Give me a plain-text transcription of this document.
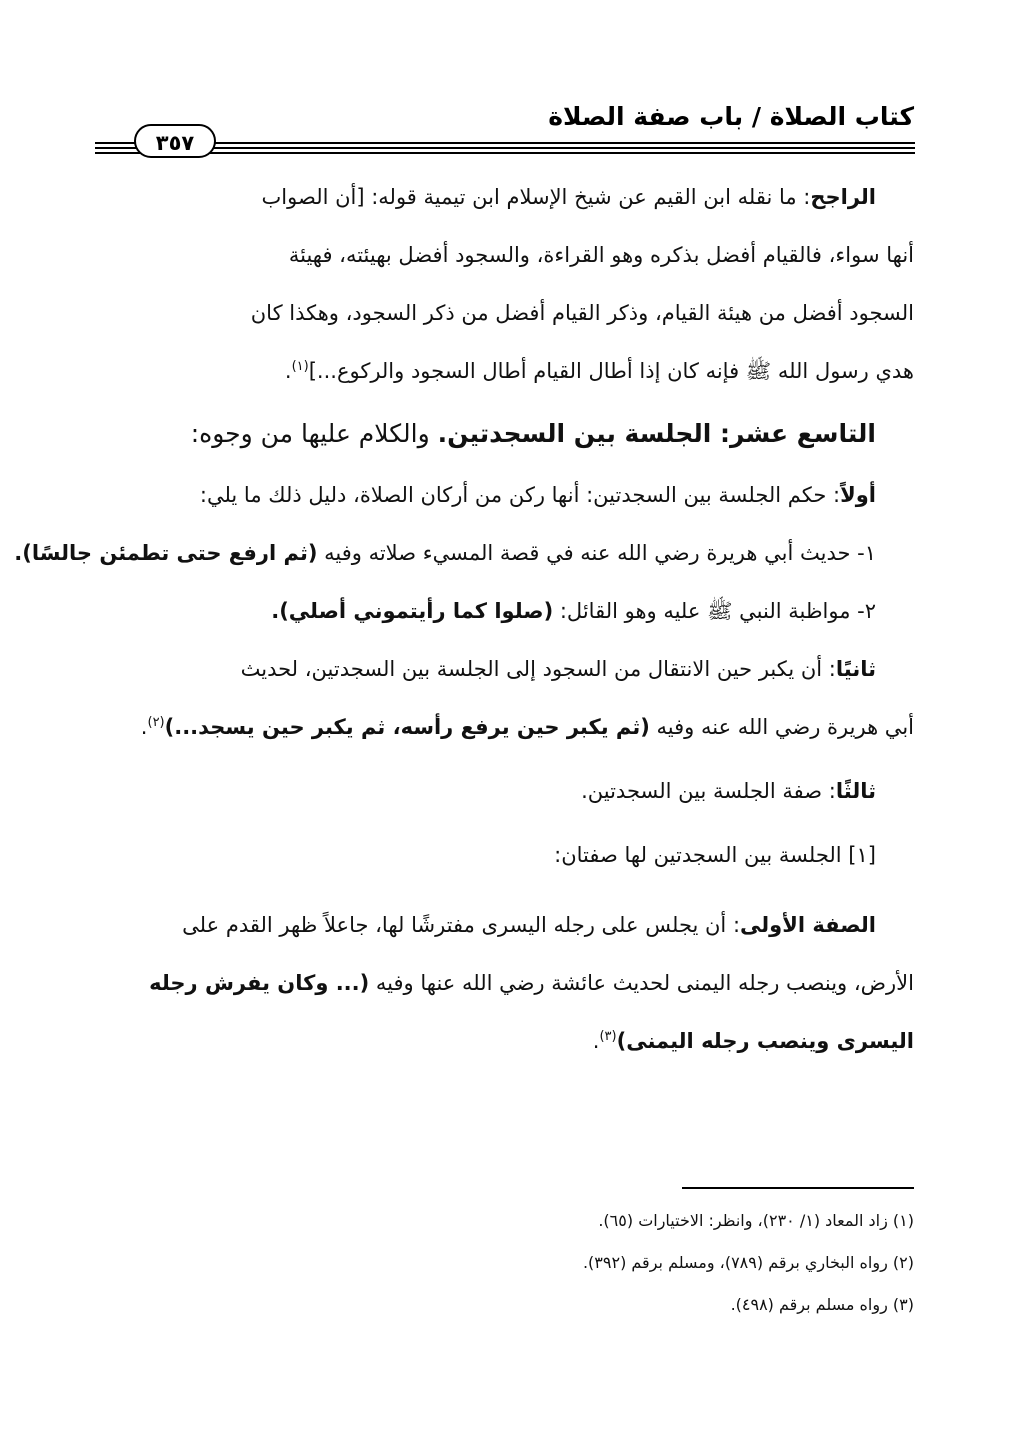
كتاب الصلاة / باب صفة الصلاة
٣٥٧
الراجح: ما نقله ابن القيم عن شيخ الإسلام ابن تيمية قوله: [أن الصواب
أنها سواء، فالقيام أفضل بذكره وهو القراءة، والسجود أفضل بهيئته، فهيئة
السجود أفضل من هيئة القيام، وذكر القيام أفضل من ذكر السجود، وهكذا كان
هدي رسول الله ﷺ فإنه كان إذا أطال القيام أطال السجود والركوع...]$^{(١)}$.
التاسع عشر: الجلسة بين السجدتين. والكلام عليها من وجوه:
أولاً: حكم الجلسة بين السجدتين: أنها ركن من أركان الصلاة، دليل ذلك ما يلي:
١- حديث أبي هريرة رضي الله عنه في قصة المسيء صلاته وفيه (ثم ارفع حتى تطمئن جالسًا).
٢- مواظبة النبي ﷺ عليه وهو القائل: (صلوا كما رأيتموني أصلي).
ثانيًا: أن يكبر حين الانتقال من السجود إلى الجلسة بين السجدتين، لحديث
أبي هريرة رضي الله عنه وفيه (ثم يكبر حين يرفع رأسه، ثم يكبر حين يسجد...)$^{(٢)}$.
ثالثًا: صفة الجلسة بين السجدتين.
[١] الجلسة بين السجدتين لها صفتان:
الصفة الأولى: أن يجلس على رجله اليسرى مفترشًا لها، جاعلاً ظهر القدم على
الأرض، وينصب رجله اليمنى لحديث عائشة رضي الله عنها وفيه (... وكان يفرش رجله
اليسرى وينصب رجله اليمنى)$^{(٣)}$.
(١) زاد المعاد (١/ ٢٣٠)، وانظر: الاختيارات (٦٥).
(٢) رواه البخاري برقم (٧٨٩)، ومسلم برقم (٣٩٢).
(٣) رواه مسلم برقم (٤٩٨).
